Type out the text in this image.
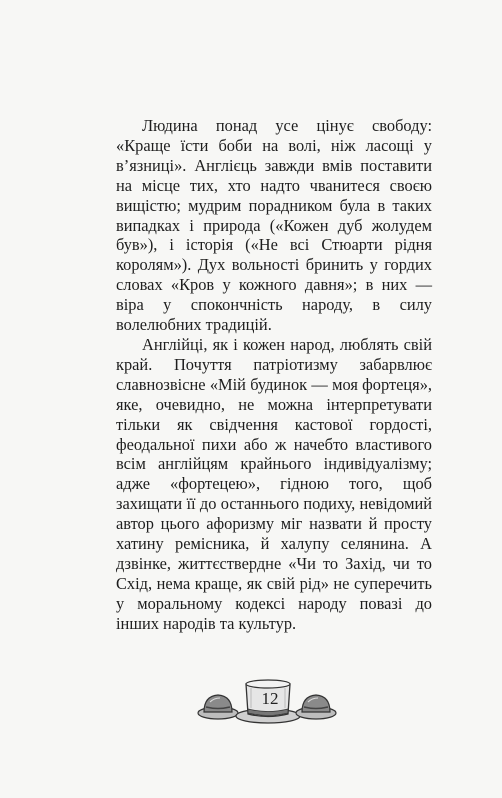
Людина понад усе цінує свободу: «Краще їсти боби на волі, ніж ласощі у в’язниці». Англієць завжди вмів поставити на місце тих, хто надто чванитеся своєю вищістю; мудрим порадником була в таких випадках і природа («Кожен дуб жолудем був»), і історія («Не всі Стюарти рідня королям»). Дух вольності бринить у гордих словах «Кров у кожного давня»; в них — віра у спокончність народу, в силу волелюбних традицій.

Англійці, як і кожен народ, люблять свій край. Почуття патріотизму забарвлює славнозвісне «Мій будинок — моя фортеця», яке, очевидно, не можна інтерпретувати тільки як свідчення кастової гордості, феодальної пихи або ж начебто властивого всім англійцям крайнього індивідуалізму; адже «фортецею», гідною того, щоб захищати її до останнього подиху, невідомий автор цього афоризму міг назвати й просту хатину ремісника, й халупу селянина. А дзвінке, життєствердне «Чи то Захід, чи то Схід, нема краще, як свій рід» не суперечить у моральному кодексі народу повазі до інших народів та культур.

12
